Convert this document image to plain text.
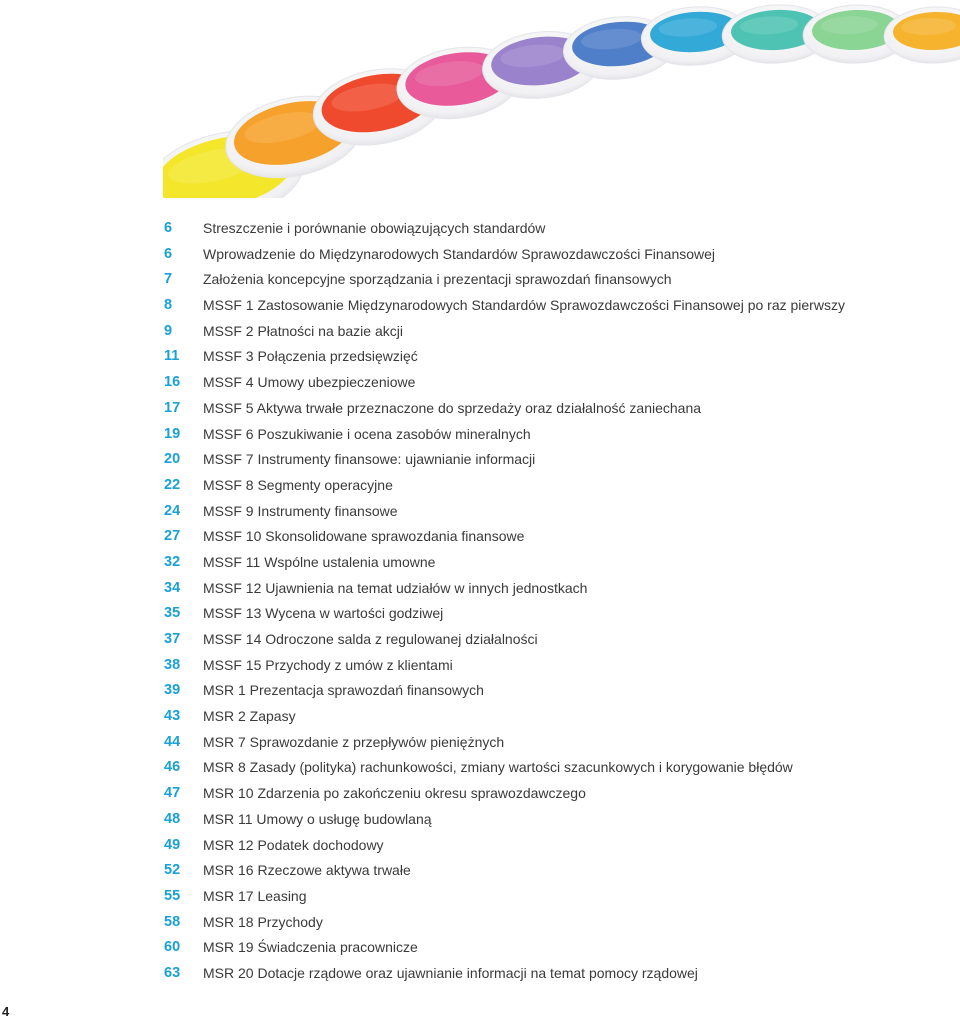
6	Streszczenie i porównanie obowiązujących standardów
6	Wprowadzenie do Międzynarodowych Standardów Sprawozdawczości Finansowej
7	Założenia koncepcyjne sporządzania i prezentacji sprawozdań finansowych
8	MSSF 1 Zastosowanie Międzynarodowych Standardów Sprawozdawczości Finansowej po raz pierwszy
9	MSSF 2 Płatności na bazie akcji
11	MSSF 3 Połączenia przedsięwzięć
16	MSSF 4 Umowy ubezpieczeniowe
17	MSSF 5 Aktywa trwałe przeznaczone do sprzedaży oraz działalność zaniechana
19	MSSF 6 Poszukiwanie i ocena zasobów mineralnych
20	MSSF 7 Instrumenty finansowe: ujawnianie informacji
22	MSSF 8 Segmenty operacyjne
24	MSSF 9 Instrumenty finansowe
27	MSSF 10 Skonsolidowane sprawozdania finansowe
32	MSSF 11 Wspólne ustalenia umowne
34	MSSF 12 Ujawnienia na temat udziałów w innych jednostkach
35	MSSF 13 Wycena w wartości godziwej
37	MSSF 14 Odroczone salda z regulowanej działalności
38	MSSF 15 Przychody z umów z klientami
39	MSR 1 Prezentacja sprawozdań finansowych
43	MSR 2 Zapasy
44	MSR 7 Sprawozdanie z przepływów pieniężnych
46	MSR 8 Zasady (polityka) rachunkowości, zmiany wartości szacunkowych i korygowanie błędów
47	MSR 10 Zdarzenia po zakończeniu okresu sprawozdawczego
48	MSR 11 Umowy o usługę budowlaną
49	MSR 12 Podatek dochodowy
52	MSR 16 Rzeczowe aktywa trwałe
55	MSR 17 Leasing
58	MSR 18 Przychody
60	MSR 19 Świadczenia pracownicze
63	MSR 20 Dotacje rządowe oraz ujawnianie informacji na temat pomocy rządowej
4
